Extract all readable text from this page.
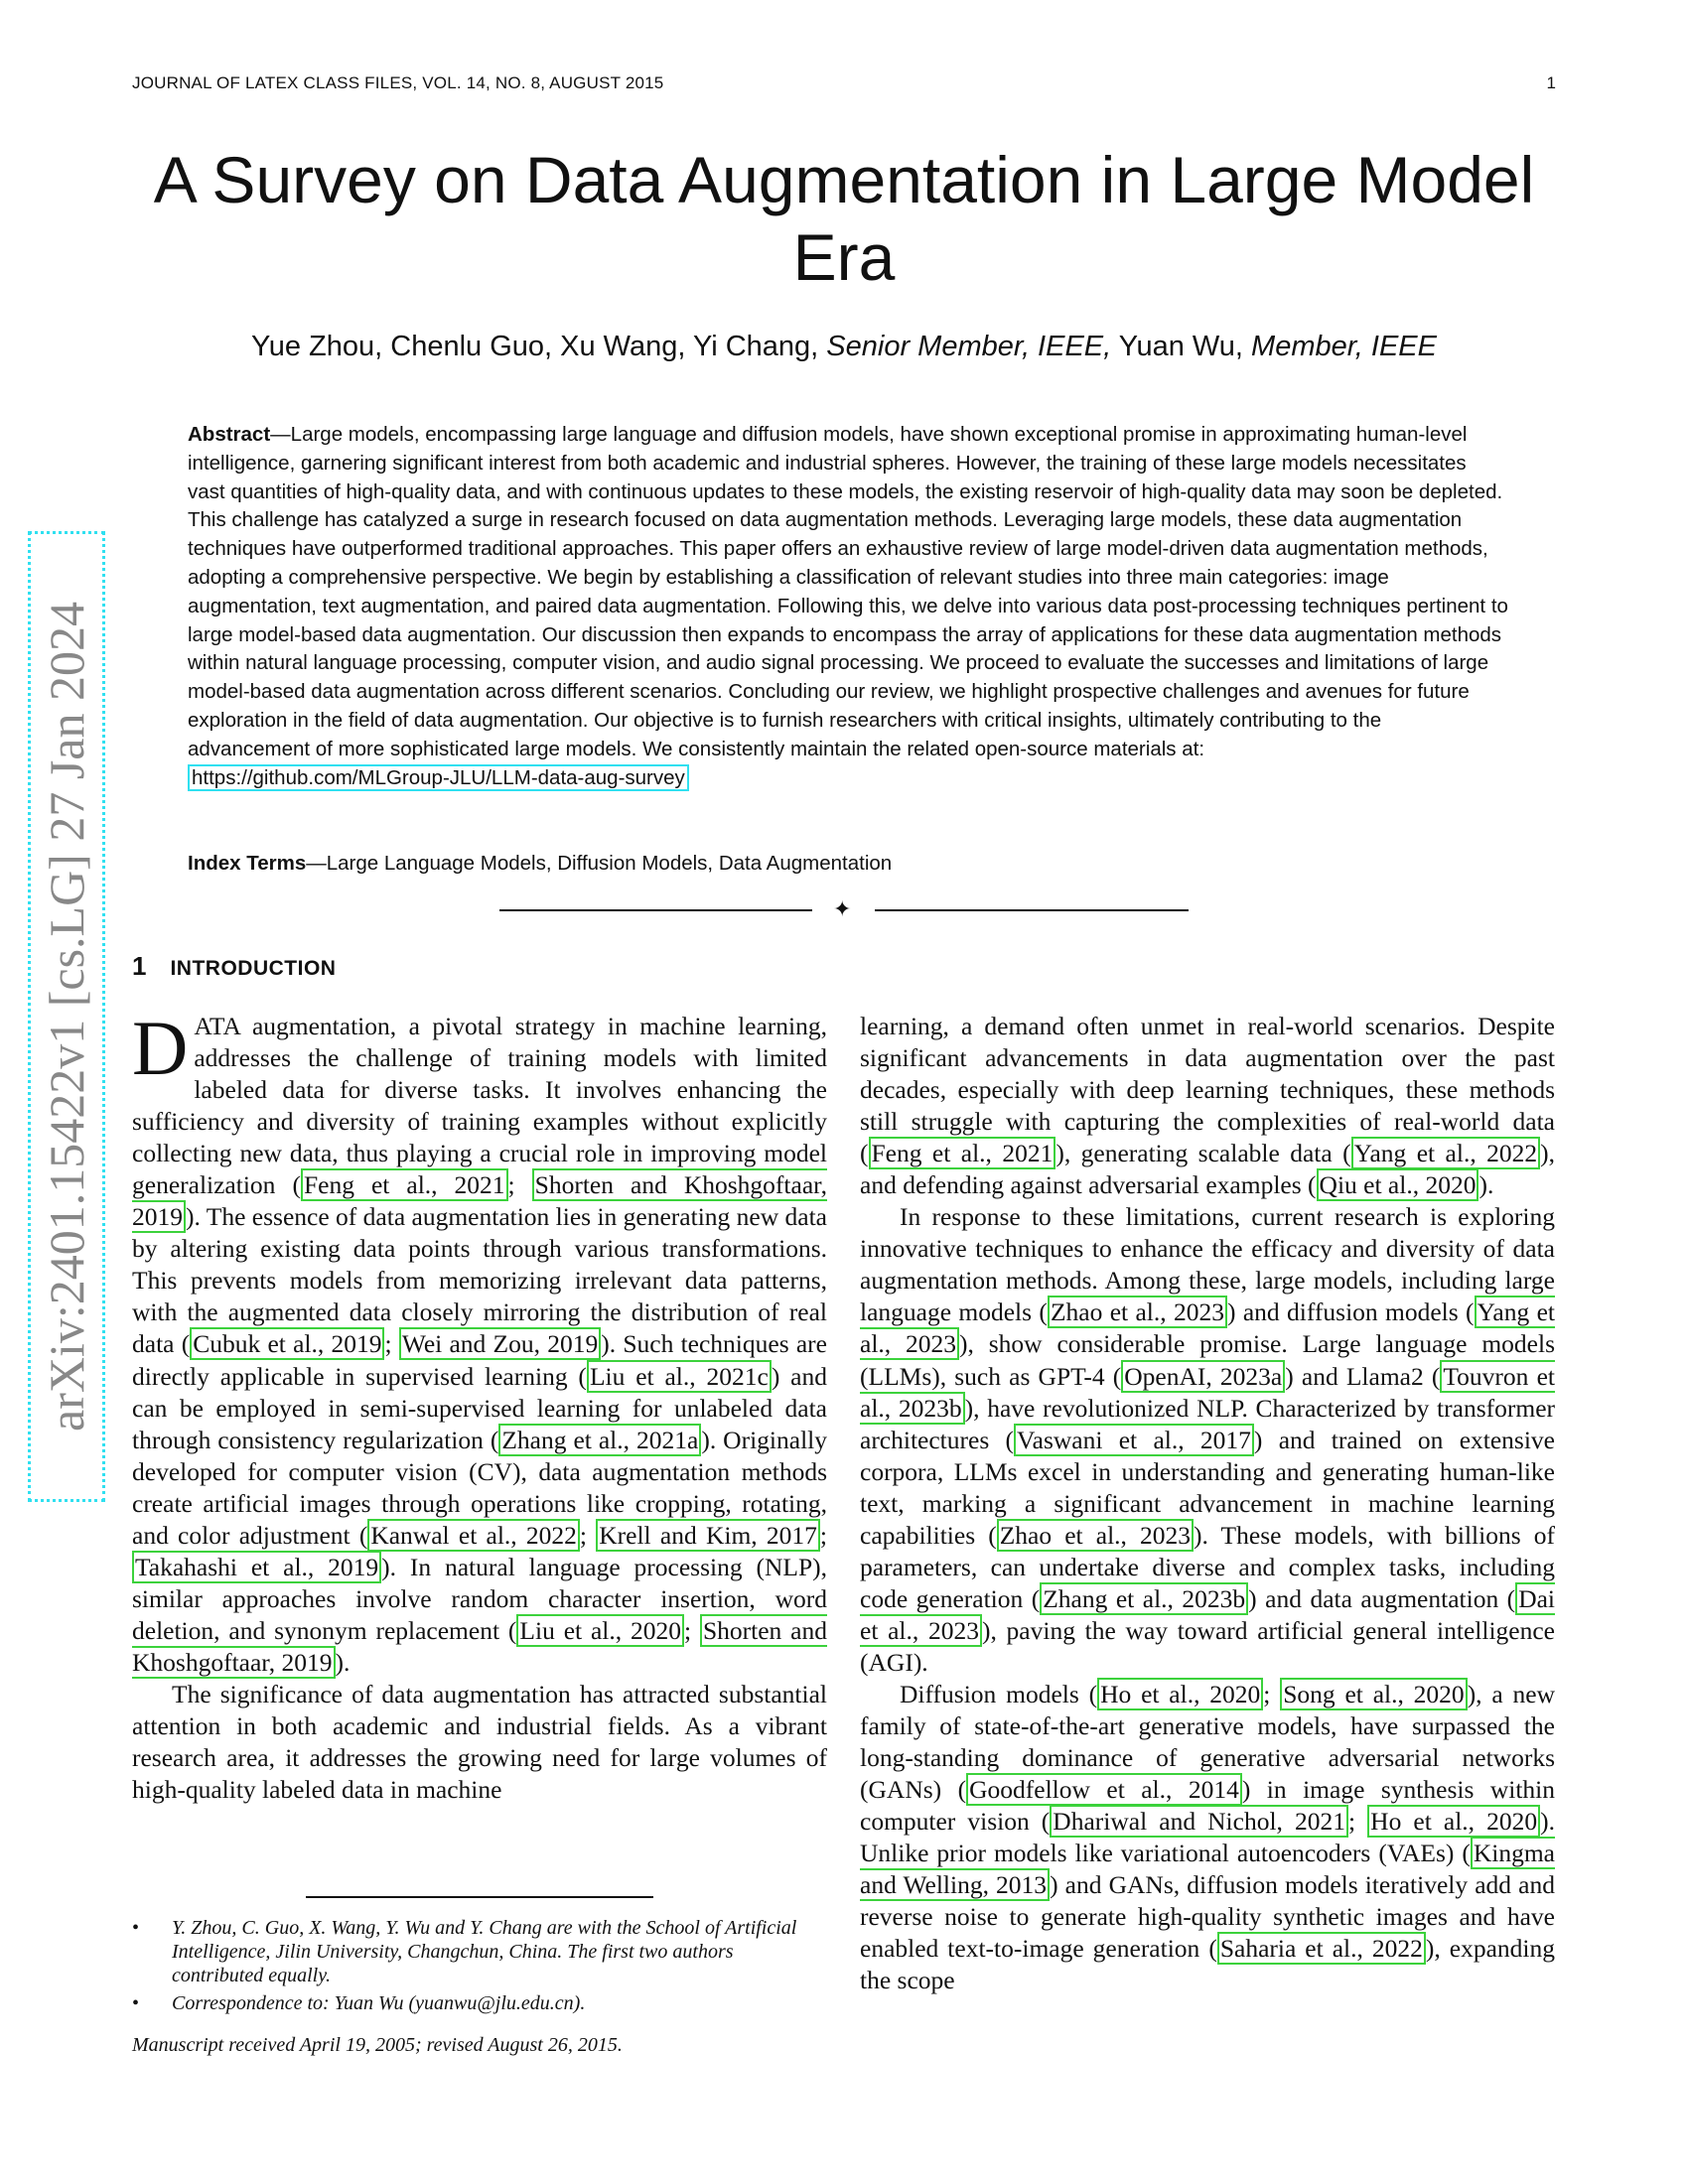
JOURNAL OF LATEX CLASS FILES, VOL. 14, NO. 8, AUGUST 2015	1
arXiv:2401.15422v1 [cs.LG] 27 Jan 2024
A Survey on Data Augmentation in Large Model Era
Yue Zhou, Chenlu Guo, Xu Wang, Yi Chang, Senior Member, IEEE, Yuan Wu, Member, IEEE
Abstract—Large models, encompassing large language and diffusion models, have shown exceptional promise in approximating human-level intelligence, garnering significant interest from both academic and industrial spheres. However, the training of these large models necessitates vast quantities of high-quality data, and with continuous updates to these models, the existing reservoir of high-quality data may soon be depleted. This challenge has catalyzed a surge in research focused on data augmentation methods. Leveraging large models, these data augmentation techniques have outperformed traditional approaches. This paper offers an exhaustive review of large model-driven data augmentation methods, adopting a comprehensive perspective. We begin by establishing a classification of relevant studies into three main categories: image augmentation, text augmentation, and paired data augmentation. Following this, we delve into various data post-processing techniques pertinent to large model-based data augmentation. Our discussion then expands to encompass the array of applications for these data augmentation methods within natural language processing, computer vision, and audio signal processing. We proceed to evaluate the successes and limitations of large model-based data augmentation across different scenarios. Concluding our review, we highlight prospective challenges and avenues for future exploration in the field of data augmentation. Our objective is to furnish researchers with critical insights, ultimately contributing to the advancement of more sophisticated large models. We consistently maintain the related open-source materials at:
https://github.com/MLGroup-JLU/LLM-data-aug-survey
Index Terms—Large Language Models, Diffusion Models, Data Augmentation
✦
1 INTRODUCTION

DATA augmentation, a pivotal strategy in machine learning, addresses the challenge of training models with limited labeled data for diverse tasks. It involves enhancing the sufficiency and diversity of training examples without explicitly collecting new data, thus playing a crucial role in improving model generalization ( Feng et al., 2021 ; Shorten and Khoshgoftaar, 2019 ). The essence of data augmentation lies in generating new data by altering existing data points through various transformations. This prevents models from memorizing irrelevant data patterns, with the augmented data closely mirroring the distribution of real data ( Cubuk et al., 2019 ; Wei and Zou, 2019 ). Such techniques are directly applicable in supervised learning ( Liu et al., 2021c ) and can be employed in semi-supervised learning for unlabeled data through consistency regularization ( Zhang et al., 2021a ). Originally developed for computer vision (CV), data augmentation methods create artificial images through operations like cropping, rotating, and color adjustment ( Kanwal et al., 2022 ; Krell and Kim, 2017 ; Takahashi et al., 2019 ). In natural language processing (NLP), similar approaches involve random character insertion, word deletion, and synonym replacement ( Liu et al., 2020 ; Shorten and Khoshgoftaar, 2019 ).

The significance of data augmentation has attracted substantial attention in both academic and industrial fields. As a vibrant research area, it addresses the growing need for large volumes of high-quality labeled data in machine

learning, a demand often unmet in real-world scenarios. Despite significant advancements in data augmentation over the past decades, especially with deep learning techniques, these methods still struggle with capturing the complexities of real-world data ( Feng et al., 2021 ), generating scalable data ( Yang et al., 2022 ), and defending against adversarial examples ( Qiu et al., 2020 ).

In response to these limitations, current research is exploring innovative techniques to enhance the efficacy and diversity of data augmentation methods. Among these, large models, including large language models ( Zhao et al., 2023 ) and diffusion models ( Yang et al., 2023 ), show considerable promise. Large language models (LLMs), such as GPT-4 ( OpenAI, 2023a ) and Llama2 ( Touvron et al., 2023b ), have revolutionized NLP. Characterized by transformer architectures ( Vaswani et al., 2017 ) and trained on extensive corpora, LLMs excel in understanding and generating human-like text, marking a significant advancement in machine learning capabilities ( Zhao et al., 2023 ). These models, with billions of parameters, can undertake diverse and complex tasks, including code generation ( Zhang et al., 2023b ) and data augmentation ( Dai et al., 2023 ), paving the way toward artificial general intelligence (AGI).

Diffusion models ( Ho et al., 2020 ; Song et al., 2020 ), a new family of state-of-the-art generative models, have surpassed the long-standing dominance of generative adversarial networks (GANs) ( Goodfellow et al., 2014 ) in image synthesis within computer vision ( Dhariwal and Nichol, 2021 ; Ho et al., 2020 ). Unlike prior models like variational autoencoders (VAEs) ( Kingma and Welling, 2013 ) and GANs, diffusion models iteratively add and reverse noise to generate high-quality synthetic images and have enabled text-to-image generation ( Saharia et al., 2022 ), expanding the scope

• Y. Zhou, C. Guo, X. Wang, Y. Wu and Y. Chang are with the School of Artificial Intelligence, Jilin University, Changchun, China. The first two authors contributed equally.
• Correspondence to: Yuan Wu (yuanwu@jlu.edu.cn).
Manuscript received April 19, 2005; revised August 26, 2015.
